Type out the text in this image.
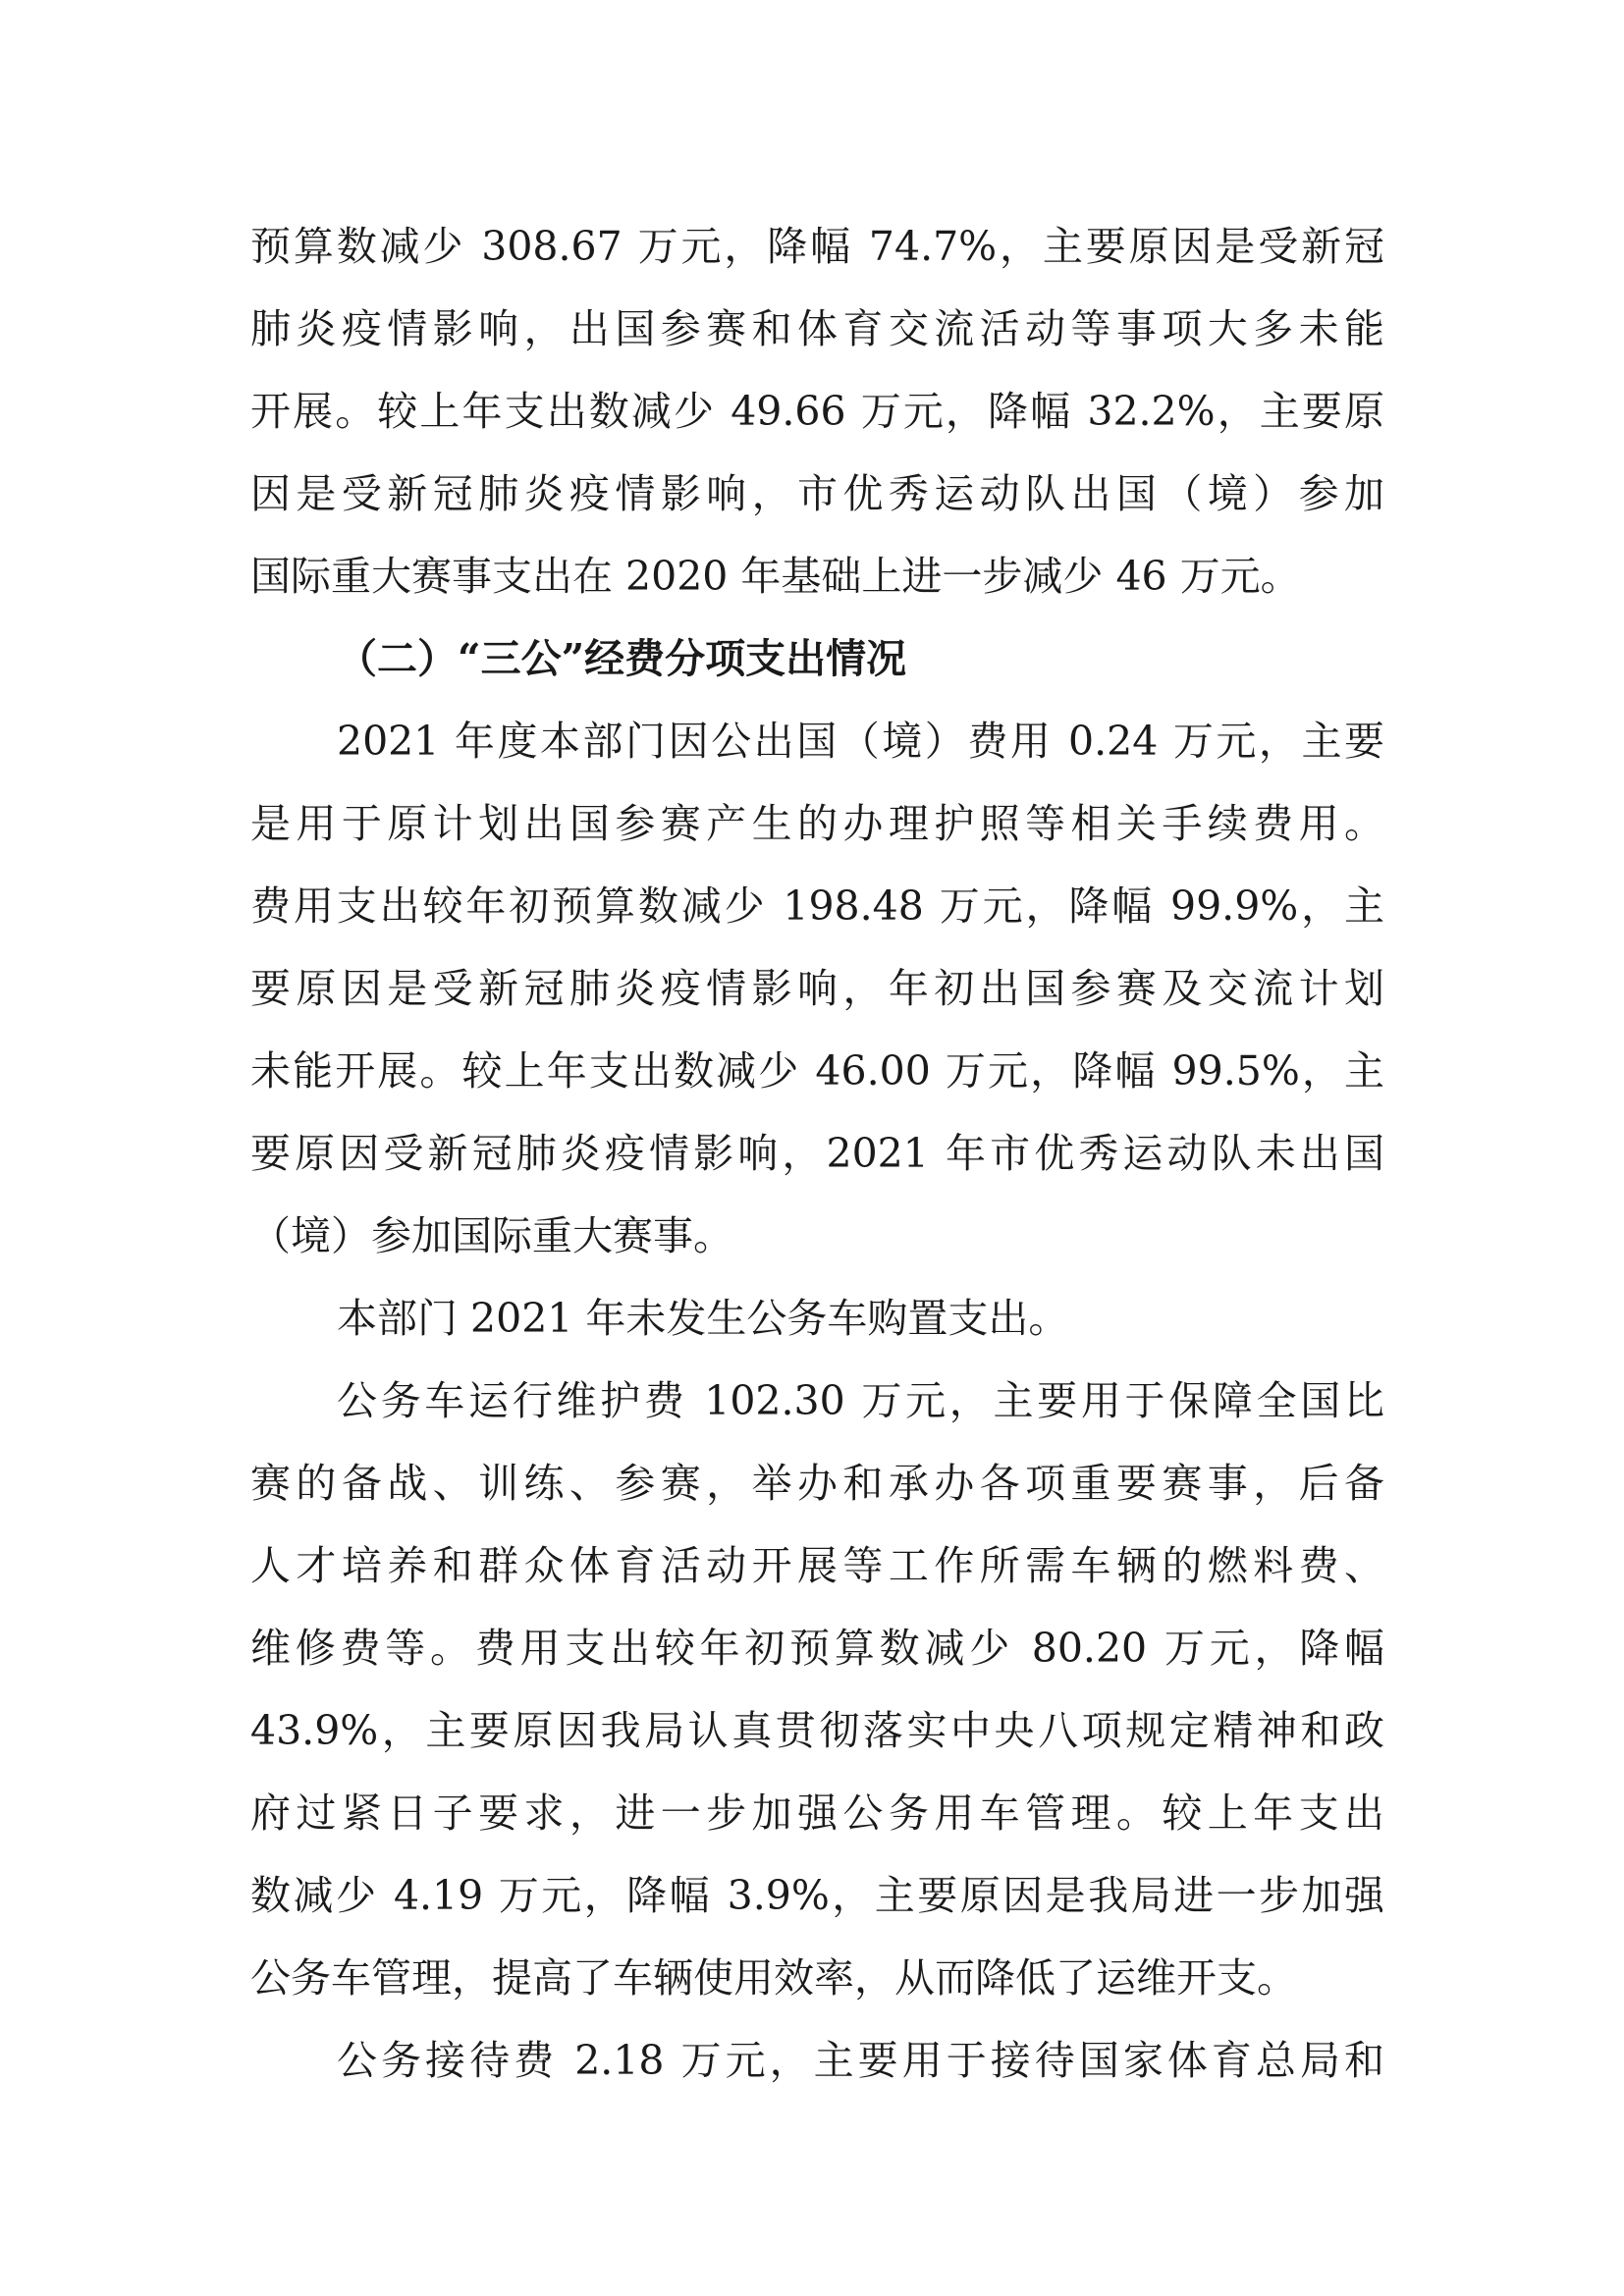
预算数减少 308.67 万元，降幅 74.7%，主要原因是受新冠
肺炎疫情影响，出国参赛和体育交流活动等事项大多未能
开展。较上年支出数减少 49.66 万元，降幅 32.2%，主要原
因是受新冠肺炎疫情影响，市优秀运动队出国（境）参加
国际重大赛事支出在 2020 年基础上进一步减少 46 万元。
（二）“三公”经费分项支出情况
2021 年度本部门因公出国（境）费用 0.24 万元，主要
是用于原计划出国参赛产生的办理护照等相关手续费用。
费用支出较年初预算数减少 198.48 万元，降幅 99.9%，主
要原因是受新冠肺炎疫情影响，年初出国参赛及交流计划
未能开展。较上年支出数减少 46.00 万元，降幅 99.5%，主
要原因受新冠肺炎疫情影响，2021 年市优秀运动队未出国
（境）参加国际重大赛事。
本部门 2021 年未发生公务车购置支出。
公务车运行维护费 102.30 万元，主要用于保障全国比
赛的备战、训练、参赛，举办和承办各项重要赛事，后备
人才培养和群众体育活动开展等工作所需车辆的燃料费、
维修费等。费用支出较年初预算数减少 80.20 万元，降幅
43.9%，主要原因我局认真贯彻落实中央八项规定精神和政
府过紧日子要求，进一步加强公务用车管理。较上年支出
数减少 4.19 万元，降幅 3.9%，主要原因是我局进一步加强
公务车管理，提高了车辆使用效率，从而降低了运维开支。
公务接待费 2.18 万元，主要用于接待国家体育总局和
